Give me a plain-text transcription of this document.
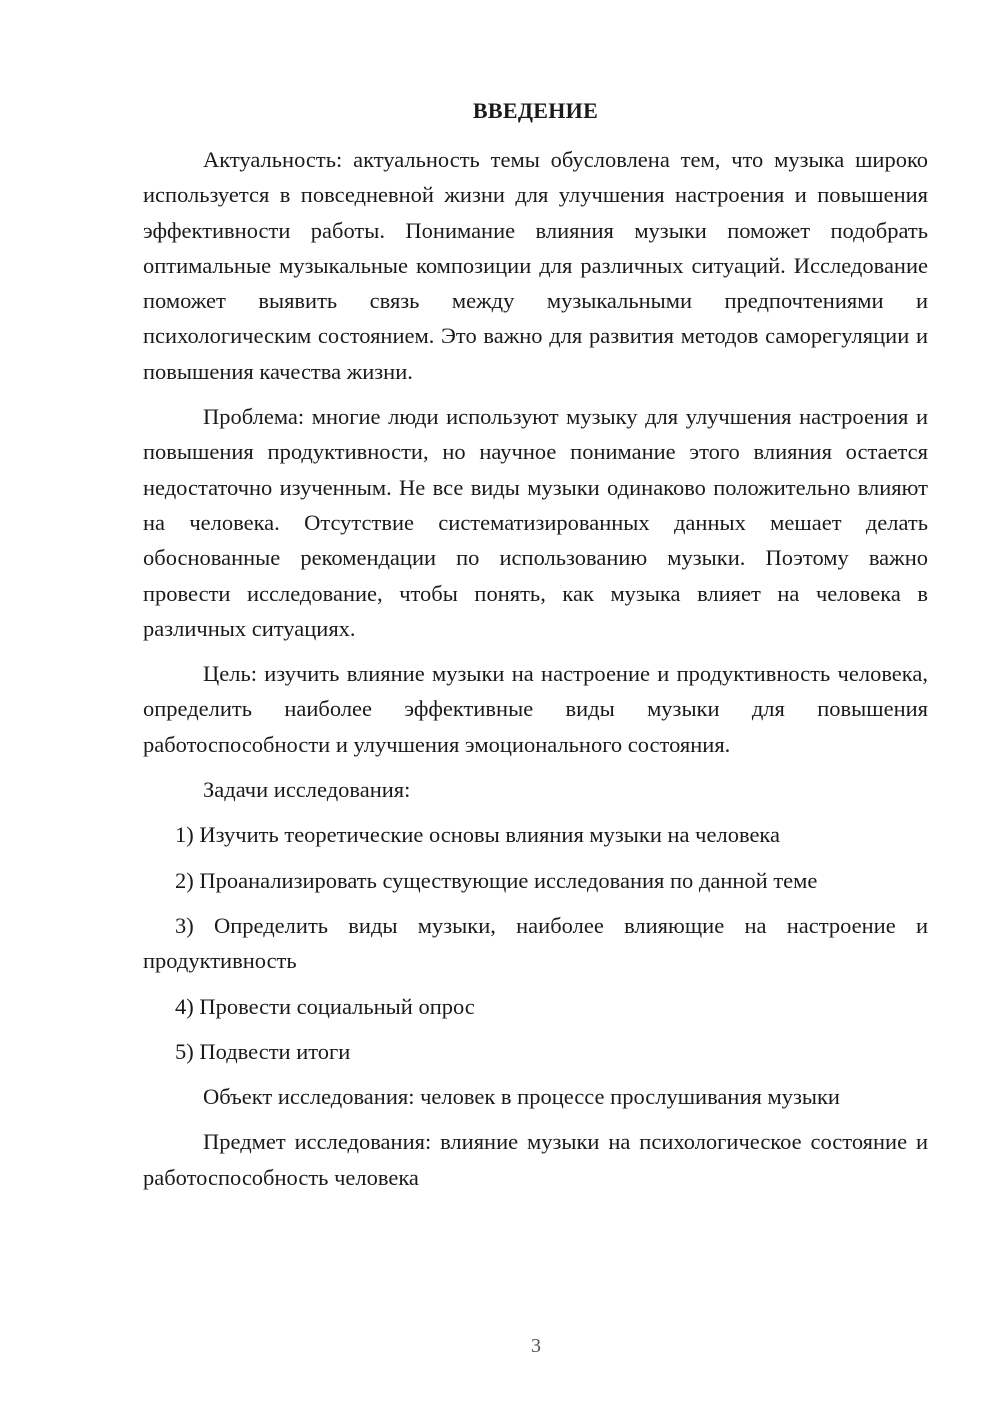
ВВЕДЕНИЕ

Актуальность: актуальность темы обусловлена тем, что музыка широко используется в повседневной жизни для улучшения настроения и повышения эффективности работы. Понимание влияния музыки поможет подобрать оптимальные музыкальные композиции для различных ситуаций. Исследование поможет выявить связь между музыкальными предпочтениями и психологическим состоянием. Это важно для развития методов саморегуляции и повышения качества жизни.

Проблема: многие люди используют музыку для улучшения настроения и повышения продуктивности, но научное понимание этого влияния остается недостаточно изученным. Не все виды музыки одинаково положительно влияют на человека. Отсутствие систематизированных данных мешает делать обоснованные рекомендации по использованию музыки. Поэтому важно провести исследование, чтобы понять, как музыка влияет на человека в различных ситуациях.

Цель: изучить влияние музыки на настроение и продуктивность человека, определить наиболее эффективные виды музыки для повышения работоспособности и улучшения эмоционального состояния.

Задачи исследования:

1) Изучить теоретические основы влияния музыки на человека

2) Проанализировать существующие исследования по данной теме

3) Определить виды музыки, наиболее влияющие на настроение и продуктивность

4) Провести социальный опрос

5) Подвести итоги

Объект исследования: человек в процессе прослушивания музыки

Предмет исследования: влияние музыки на психологическое состояние и работоспособность человека

3
